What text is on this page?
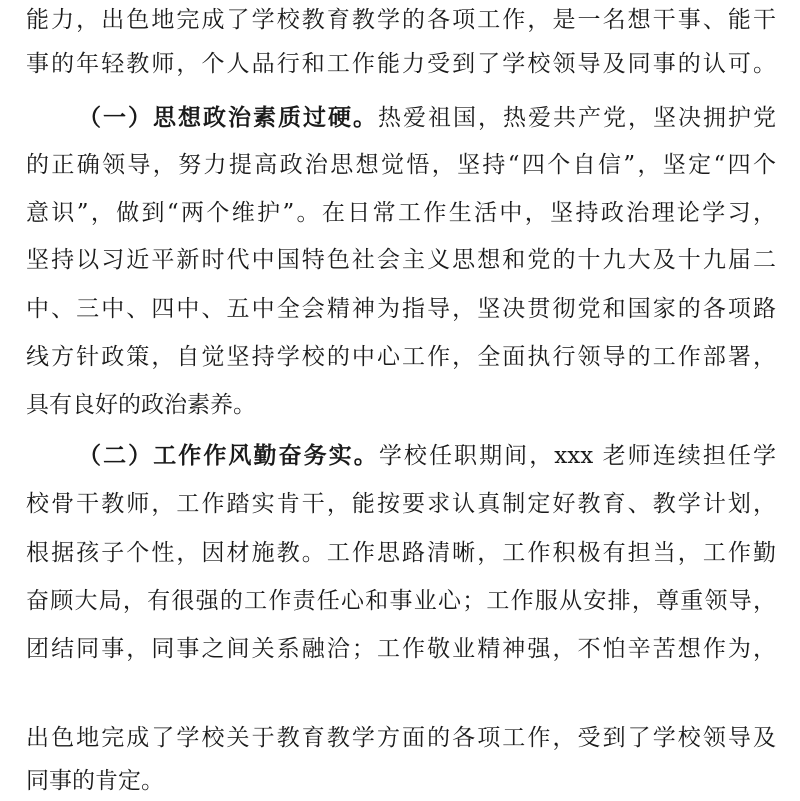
能力，出色地完成了学校教育教学的各项工作，是一名想干事、能干
事的年轻教师，个人品行和工作能力受到了学校领导及同事的认可。
（一）思想政治素质过硬。热爱祖国，热爱共产党，坚决拥护党
的正确领导，努力提高政治思想觉悟，坚持“四个自信”，坚定“四个
意识”，做到“两个维护”。在日常工作生活中，坚持政治理论学习，
坚持以习近平新时代中国特色社会主义思想和党的十九大及十九届二
中、三中、四中、五中全会精神为指导，坚决贯彻党和国家的各项路
线方针政策，自觉坚持学校的中心工作，全面执行领导的工作部署，
具有良好的政治素养。
（二）工作作风勤奋务实。学校任职期间，xxx 老师连续担任学
校骨干教师，工作踏实肯干，能按要求认真制定好教育、教学计划，
根据孩子个性，因材施教。工作思路清晰，工作积极有担当，工作勤
奋顾大局，有很强的工作责任心和事业心；工作服从安排，尊重领导，
团结同事，同事之间关系融洽；工作敬业精神强，不怕辛苦想作为，
出色地完成了学校关于教育教学方面的各项工作，受到了学校领导及
同事的肯定。
